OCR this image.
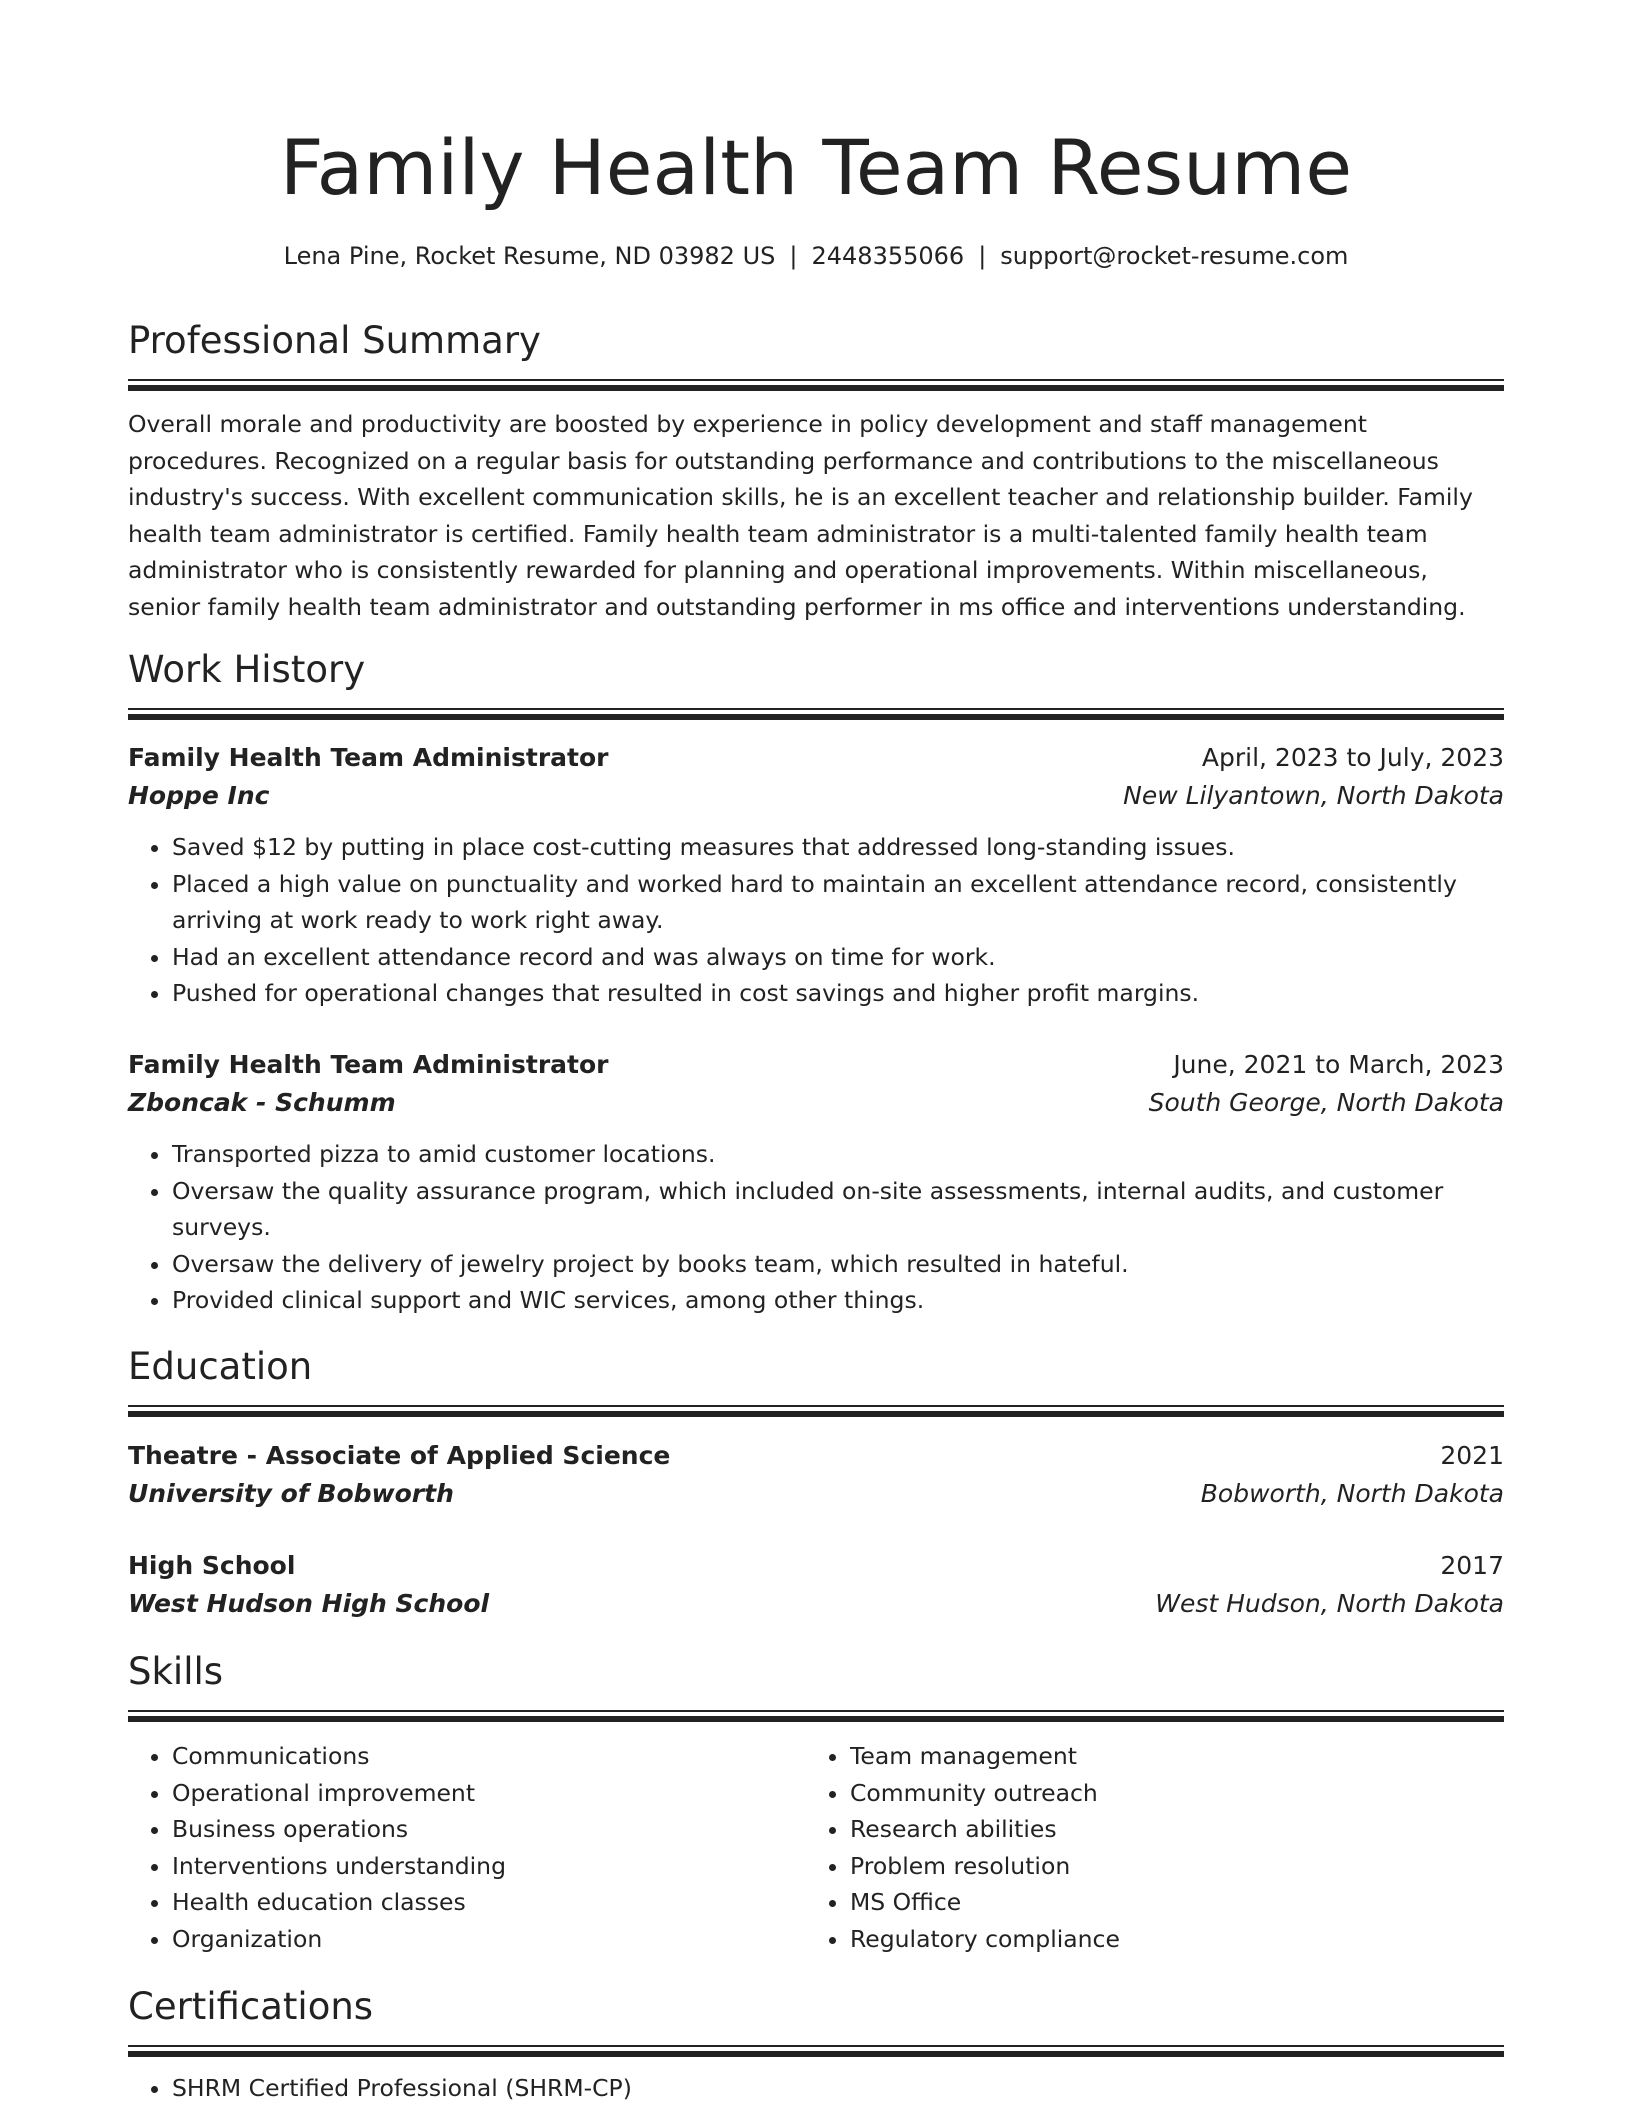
Family Health Team Resume
Lena Pine, Rocket Resume, ND 03982 US | 2448355066 | support@rocket-resume.com
Professional Summary

Overall morale and productivity are boosted by experience in policy development and staff management procedures. Recognized on a regular basis for outstanding performance and contributions to the miscellaneous industry's success. With excellent communication skills, he is an excellent teacher and relationship builder. Family health team administrator is certified. Family health team administrator is a multi-talented family health team administrator who is consistently rewarded for planning and operational improvements. Within miscellaneous, senior family health team administrator and outstanding performer in ms office and interventions understanding.

Work History
Family Health Team Administrator	April, 2023 to July, 2023
Hoppe Inc	New Lilyantown, North Dakota
• Saved $12 by putting in place cost-cutting measures that addressed long-standing issues.
• Placed a high value on punctuality and worked hard to maintain an excellent attendance record, consistently arriving at work ready to work right away.
• Had an excellent attendance record and was always on time for work.
• Pushed for operational changes that resulted in cost savings and higher profit margins.
Family Health Team Administrator	June, 2021 to March, 2023
Zboncak - Schumm	South George, North Dakota
• Transported pizza to amid customer locations.
• Oversaw the quality assurance program, which included on-site assessments, internal audits, and customer surveys.
• Oversaw the delivery of jewelry project by books team, which resulted in hateful.
• Provided clinical support and WIC services, among other things.
Education
Theatre - Associate of Applied Science	2021
University of Bobworth	Bobworth, North Dakota
High School	2017
West Hudson High School	West Hudson, North Dakota
Skills
• Communications
• Operational improvement
• Business operations
• Interventions understanding
• Health education classes
• Organization
• Team management
• Community outreach
• Research abilities
• Problem resolution
• MS Office
• Regulatory compliance
Certifications
• SHRM Certified Professional (SHRM-CP)
